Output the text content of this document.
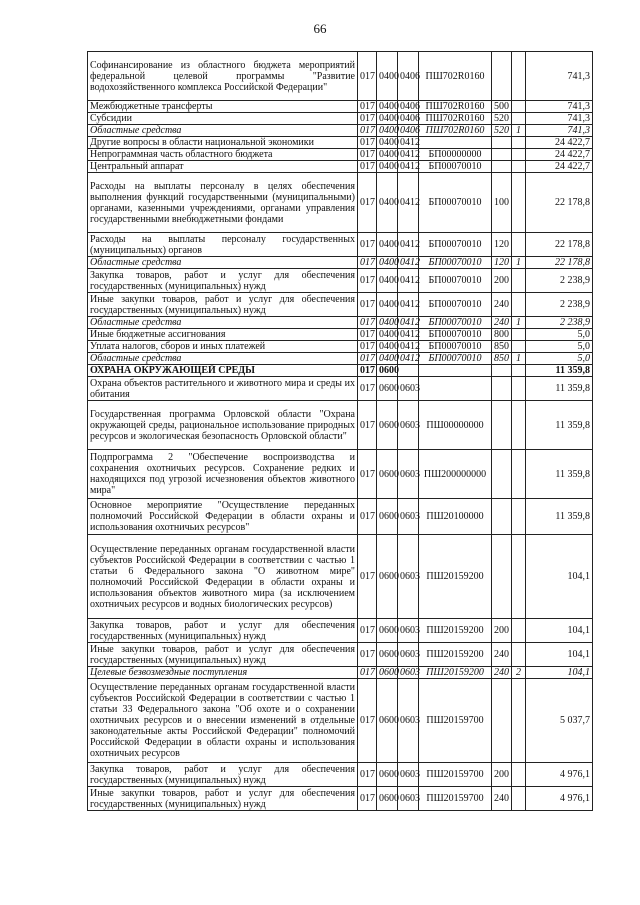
66
Софинансирование из областного бюджета мероприятий федеральной целевой программы "Развитие водохозяйственного комплекса Российской Федерации"	017	0400	0406	ПШ702R0160			741,3
Межбюджетные трансферты	017	0400	0406	ПШ702R0160	500		741,3
Субсидии	017	0400	0406	ПШ702R0160	520		741,3
Областные средства	017	0400	0406	ПШ702R0160	520	1	741,3
Другие вопросы в области национальной экономики	017	0400	0412				24 422,7
Непрограммная часть областного бюджета	017	0400	0412	БП00000000			24 422,7
Центральный аппарат	017	0400	0412	БП00070010			24 422,7
Расходы на выплаты персоналу в целях обеспечения выполнения функций государственными (муниципальными) органами, казенными учреждениями, органами управления государственными внебюджетными фондами	017	0400	0412	БП00070010	100		22 178,8
Расходы на выплаты персоналу государственных (муниципальных) органов	017	0400	0412	БП00070010	120		22 178,8
Областные средства	017	0400	0412	БП00070010	120	1	22 178,8
Закупка товаров, работ и услуг для обеспечения государственных (муниципальных) нужд	017	0400	0412	БП00070010	200		2 238,9
Иные закупки товаров, работ и услуг для обеспечения государственных (муниципальных) нужд	017	0400	0412	БП00070010	240		2 238,9
Областные средства	017	0400	0412	БП00070010	240	1	2 238,9
Иные бюджетные ассигнования	017	0400	0412	БП00070010	800		5,0
Уплата налогов, сборов и иных платежей	017	0400	0412	БП00070010	850		5,0
Областные средства	017	0400	0412	БП00070010	850	1	5,0
ОХРАНА ОКРУЖАЮЩЕЙ СРЕДЫ	017	0600					11 359,8
Охрана объектов растительного и животного мира и среды их обитания	017	0600	0603				11 359,8
Государственная программа Орловской области "Охрана окружающей среды, рациональное использование природных ресурсов и экологическая безопасность Орловской области"	017	0600	0603	ПШ00000000			11 359,8
Подпрограмма 2 "Обеспечение воспроизводства и сохранения охотничьих ресурсов. Сохранение редких и находящихся под угрозой исчезновения объектов животного мира"	017	0600	0603	ПШ200000000			11 359,8
Основное мероприятие "Осуществление переданных полномочий Российской Федерации в области охраны и использования охотничьих ресурсов"	017	0600	0603	ПШ20100000			11 359,8
Осуществление переданных органам государственной власти субъектов Российской Федерации в соответствии с частью 1 статьи 6 Федерального закона "О животном мире" полномочий Российской Федерации в области охраны и использования объектов животного мира (за исключением охотничьих ресурсов и водных биологических ресурсов)	017	0600	0603	ПШ20159200			104,1
Закупка товаров, работ и услуг для обеспечения государственных (муниципальных) нужд	017	0600	0603	ПШ20159200	200		104,1
Иные закупки товаров, работ и услуг для обеспечения государственных (муниципальных) нужд	017	0600	0603	ПШ20159200	240		104,1
Целевые безвозмездные поступления	017	0600	0603	ПШ20159200	240	2	104,1
Осуществление переданных органам государственной власти субъектов Российской Федерации в соответствии с частью 1 статьи 33 Федерального закона "Об охоте и о сохранении охотничьих ресурсов и о внесении изменений в отдельные законодательные акты Российской Федерации" полномочий Российской Федерации в области охраны и использования охотничьих ресурсов	017	0600	0603	ПШ20159700			5 037,7
Закупка товаров, работ и услуг для обеспечения государственных (муниципальных) нужд	017	0600	0603	ПШ20159700	200		4 976,1
Иные закупки товаров, работ и услуг для обеспечения государственных (муниципальных) нужд	017	0600	0603	ПШ20159700	240		4 976,1
